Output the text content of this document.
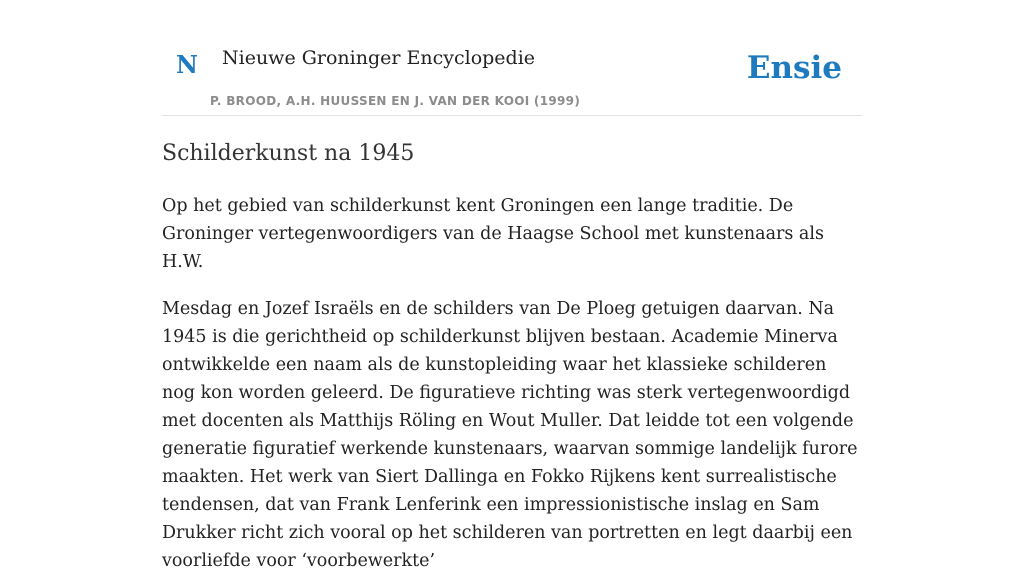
N Nieuwe Groninger Encyclopedie
P. BROOD, A.H. HUUSSEN EN J. VAN DER KOOI (1999)
Ensie
Schilderkunst na 1945

Op het gebied van schilderkunst kent Groningen een lange traditie. De Groninger vertegenwoordigers van de Haagse School met kunstenaars als H.W.

Mesdag en Jozef Israëls en de schilders van De Ploeg getuigen daarvan. Na 1945 is die gerichtheid op schilderkunst blijven bestaan. Academie Minerva ontwikkelde een naam als de kunstopleiding waar het klassieke schilderen nog kon worden geleerd. De figuratieve richting was sterk vertegenwoordigd met docenten als Matthijs Röling en Wout Muller. Dat leidde tot een volgende generatie figuratief werkende kunstenaars, waarvan sommige landelijk furore maakten. Het werk van Siert Dallinga en Fokko Rijkens kent surrealistische tendensen, dat van Frank Lenferink een impressionistische inslag en Sam Drukker richt zich vooral op het schilderen van portretten en legt daarbij een voorliefde voor ‘voorbewerkte’
